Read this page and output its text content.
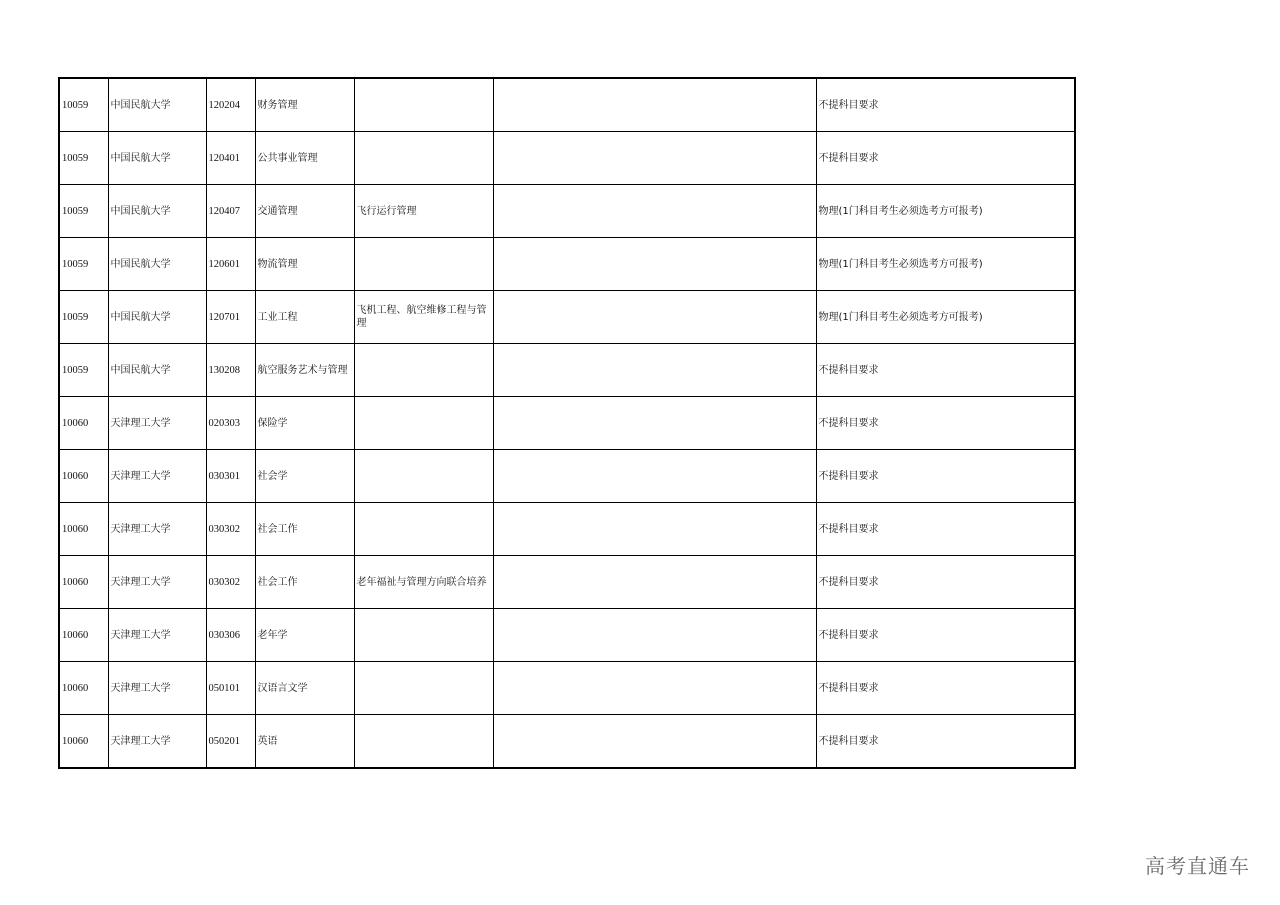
10059	中国民航大学	120204	财务管理			不提科目要求
10059	中国民航大学	120401	公共事业管理			不提科目要求
10059	中国民航大学	120407	交通管理	飞行运行管理		物理(1门科目考生必须选考方可报考)
10059	中国民航大学	120601	物流管理			物理(1门科目考生必须选考方可报考)
10059	中国民航大学	120701	工业工程	飞机工程、航空维修工程与管理		物理(1门科目考生必须选考方可报考)
10059	中国民航大学	130208	航空服务艺术与管理			不提科目要求
10060	天津理工大学	020303	保险学			不提科目要求
10060	天津理工大学	030301	社会学			不提科目要求
10060	天津理工大学	030302	社会工作			不提科目要求
10060	天津理工大学	030302	社会工作	老年福祉与管理方向联合培养		不提科目要求
10060	天津理工大学	030306	老年学			不提科目要求
10060	天津理工大学	050101	汉语言文学			不提科目要求
10060	天津理工大学	050201	英语			不提科目要求
高考直通车
